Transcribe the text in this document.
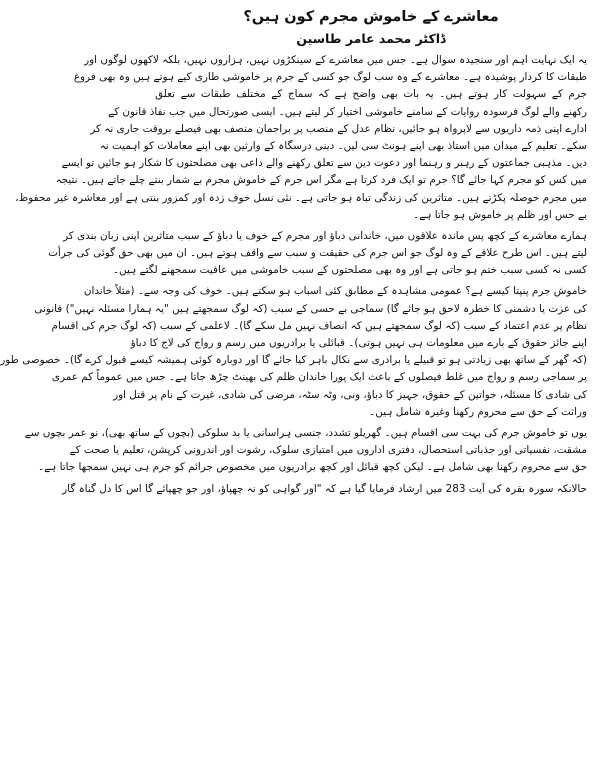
معاشرے کے خاموش مجرم کون ہیں؟
ڈاکٹر محمد عامر طاسین
یہ ایک نہایت اہم اور سنجیدہ سوال ہے۔ جس میں معاشرے کے سینکڑوں نہیں، ہزاروں نہیں، بلکہ لاکھوں لوگوں اور
طبقات کا کردار پوشیدہ ہے۔ معاشرے کے وہ سب لوگ جو کسی کے جرم پر خاموشی طاری کیے ہوتے ہیں وہ بھی فروغ
جرم کے سہولت کار ہوتے ہیں۔ یہ بات بھی واضح ہے کہ سماج کے مختلف طبقات سے تعلق
رکھنے والے لوگ فرسودہ روایات کے سامنے خاموشی اختیار کر لیتے ہیں۔ ایسی صورتحال میں جب نفاذ قانون کے
ادارے اپنی ذمہ داریوں سے لاپرواہ ہو جائیں، نظام عدل کے منصب پر براجمان منصف بھی فیصلے بروقت جاری نہ کر
سکے۔ تعلیم کے میدان میں استاذ بھی اپنے ہونٹ سی لیں۔ دینی درسگاہ کے وارثین بھی اپنے معاملات کو اہمیت نہ
دیں۔ مذہبی جماعتوں کے رہبر و رہنما اور دعوت دین سے تعلق رکھنے والے داعی بھی مصلحتوں کا شکار ہو جائیں تو ایسے
میں کس کو مجرم کہا جائے گا؟ جرم تو ایک فرد کرتا ہے مگر اس جرم کے خاموش مجرم بے شمار بنتے چلے جاتے ہیں۔ نتیجہ
میں مجرم حوصلہ پکڑتے ہیں۔ متاثرین کی زندگی تباہ ہو جاتی ہے۔ نئی نسل خوف زدہ اور کمزور بنتی ہے اور معاشرہ غیر محفوظ،
بے حس اور ظلم پر خاموش ہو جاتا ہے۔
ہمارے معاشرے کے کچھ پس ماندہ علاقوں میں، خاندانی دباؤ اور مجرم کے خوف یا دباؤ کے سبب متاثرین اپنی زبان بندی کر
لیتے ہیں۔ اس طرح علاقے کے وہ لوگ جو اس جرم کی حقیقت و سبب سے واقف ہوتے ہیں۔ ان میں بھی حق گوئی کی جرأت
کسی نہ کسی سبب ختم ہو جاتی ہے اور وہ بھی مصلحتوں کے سبب خاموشی میں عافیت سمجھنے لگتے ہیں۔
خاموش جرم پنپتا کیسے ہے؟ عمومی مشاہدہ کے مطابق کئی اسباب ہو سکتے ہیں۔ خوف کی وجہ سے۔ (مثلاً خاندان
کی عزت یا دشمنی کا خطرہ لاحق ہو جائے گا) سماجی بے حسی کے سبب (کہ لوگ سمجھتے ہیں "یہ ہمارا مسئلہ نہیں") قانونی
نظام پر عدم اعتماد کے سبب (کہ لوگ سمجھتے ہیں کہ انصاف نہیں مل سکے گا)۔ لاعلمی کے سبب (کہ لوگ جرم کی اقسام
اپنے جائز حقوق کے بارے میں معلومات ہی نہیں ہوتی)۔ قبائلی یا برادریوں میں رسم و رواج کی لاج کا دباؤ
(کہ گھر کے ساتھ بھی زیادتی ہو تو قبیلے یا برادری سے نکال باہر کیا جائے گا اور دوبارہ کوئی ہمیشہ کیسے قبول کرے گا)۔ خصوصی طور
پر سماجی رسم و رواج میں غلط فیصلوں کے باعث ایک پورا خاندان ظلم کی بھینٹ چڑھ جاتا ہے۔ جس میں عموماً کم عمری
کی شادی کا مسئلہ، خواتین کے حقوق، جہیز کا دباؤ، ونی، وٹہ سٹہ، مرضی کی شادی، غیرت کے نام پر قتل اور
وراثت کے حق سے محروم رکھنا وغیرہ شامل ہیں۔
یوں تو خاموش جرم کی بہت سی اقسام ہیں۔ گھریلو تشدد، جنسی ہراسانی یا بد سلوکی (بچوں کے ساتھ بھی)، نو عمر بچوں سے
مشقت، نفسیاتی اور جذباتی استحصال، دفتری اداروں میں امتیازی سلوک، رشوت اور اندرونی کرپشن، تعلیم یا صحت کے
حق سے محروم رکھنا بھی شامل ہے۔ لیکن کچھ قبائل اور کچھ برادریوں میں مخصوص جرائم کو جرم ہی نہیں سمجھا جاتا ہے۔
حالانکہ سورہ بقرہ کی آیت 283 میں ارشاد فرمایا گیا ہے کہ "اور گواہی کو نہ چھپاؤ، اور جو چھپائے گا اس کا دل گناہ گار
